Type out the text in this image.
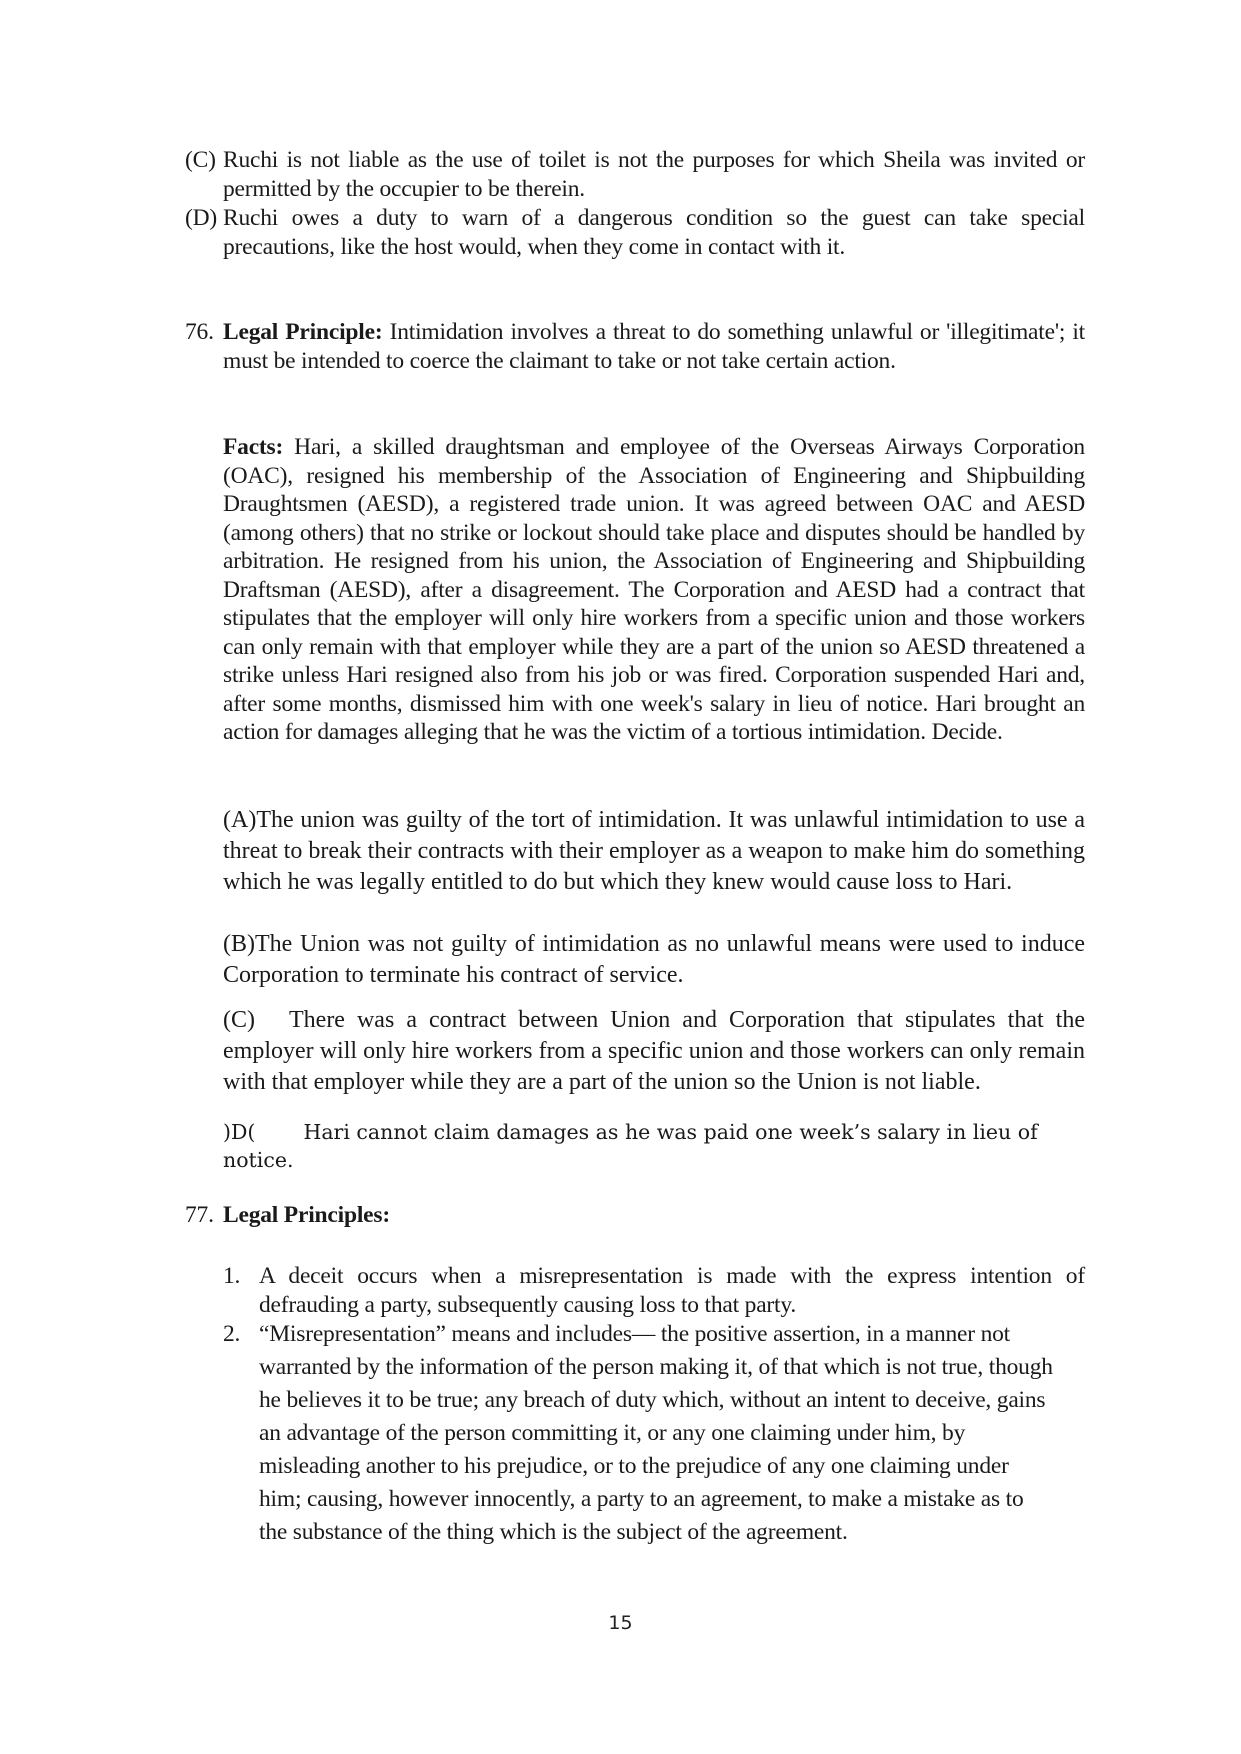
(C) Ruchi is not liable as the use of toilet is not the purposes for which Sheila was invited or permitted by the occupier to be therein.
(D) Ruchi owes a duty to warn of a dangerous condition so the guest can take special precautions, like the host would, when they come in contact with it.
76. Legal Principle: Intimidation involves a threat to do something unlawful or 'illegitimate'; it must be intended to coerce the claimant to take or not take certain action.
Facts: Hari, a skilled draughtsman and employee of the Overseas Airways Corporation (OAC), resigned his membership of the Association of Engineering and Shipbuilding Draughtsmen (AESD), a registered trade union. It was agreed between OAC and AESD (among others) that no strike or lockout should take place and disputes should be handled by arbitration. He resigned from his union, the Association of Engineering and Shipbuilding Draftsman (AESD), after a disagreement. The Corporation and AESD had a contract that stipulates that the employer will only hire workers from a specific union and those workers can only remain with that employer while they are a part of the union so AESD threatened a strike unless Hari resigned also from his job or was fired. Corporation suspended Hari and, after some months, dismissed him with one week's salary in lieu of notice. Hari brought an action for damages alleging that he was the victim of a tortious intimidation. Decide.
(A)The union was guilty of the tort of intimidation. It was unlawful intimidation to use a threat to break their contracts with their employer as a weapon to make him do something which he was legally entitled to do but which they knew would cause loss to Hari.
(B)The Union was not guilty of intimidation as no unlawful means were used to induce Corporation to terminate his contract of service.
(C) There was a contract between Union and Corporation that stipulates that the employer will only hire workers from a specific union and those workers can only remain with that employer while they are a part of the union so the Union is not liable.
)D( Hari cannot claim damages as he was paid one week’s salary in lieu of notice.
77. Legal Principles:
1. A deceit occurs when a misrepresentation is made with the express intention of defrauding a party, subsequently causing loss to that party.
2. “Misrepresentation” means and includes— the positive assertion, in a manner not warranted by the information of the person making it, of that which is not true, though he believes it to be true; any breach of duty which, without an intent to deceive, gains an advantage of the person committing it, or any one claiming under him, by misleading another to his prejudice, or to the prejudice of any one claiming under him; causing, however innocently, a party to an agreement, to make a mistake as to the substance of the thing which is the subject of the agreement.
15
